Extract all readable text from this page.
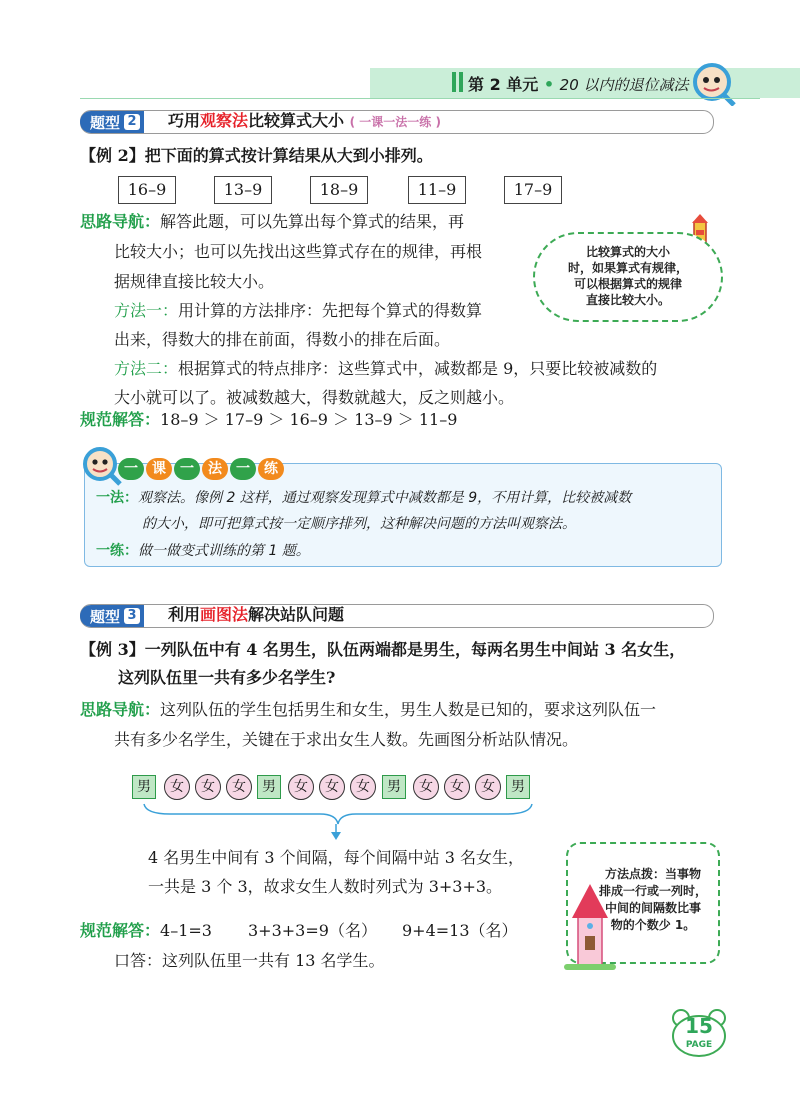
第 2 单元 • 20 以内的退位减法
题型 2 巧用观察法比较算式大小 ( 一课一法一练 )
【例 2】把下面的算式按计算结果从大到小排列。
16–9	13–9	18–9	11–9	17–9
思路导航：解答此题，可以先算出每个算式的结果，再
比较大小；也可以先找出这些算式存在的规律，再根
据规律直接比较大小。
方法一：用计算的方法排序：先把每个算式的得数算
出来，得数大的排在前面，得数小的排在后面。
方法二：根据算式的特点排序：这些算式中，减数都是 9，只要比较被减数的
大小就可以了。被减数越大，得数就越大，反之则越小。
规范解答：18–9 ＞ 17–9 ＞ 16–9 ＞ 13–9 ＞ 11–9
比较算式的大小
时，如果算式有规律，
可以根据算式的规律
直接比较大小。
一 课 一 法 一 练
一法：观察法。像例 2 这样，通过观察发现算式中减数都是 9，不用计算，比较被减数
的大小，即可把算式按一定顺序排列，这种解决问题的方法叫观察法。
一练：做一做变式训练的第 1 题。
题型 3 利用画图法解决站队问题
【例 3】一列队伍中有 4 名男生，队伍两端都是男生，每两名男生中间站 3 名女生，
这列队伍里一共有多少名学生?
思路导航：这列队伍的学生包括男生和女生，男生人数是已知的，要求这列队伍一
共有多少名学生，关键在于求出女生人数。先画图分析站队情况。
男	女	女	女	男	女	女	女	男	女	女	女	男
4 名男生中间有 3 个间隔，每个间隔中站 3 名女生，
一共是 3 个 3，故求女生人数时列式为 3+3+3。
规范解答：4–1=3 3+3+3=9（名） 9+4=13（名）
口答：这列队伍里一共有 13 名学生。
方法点拨：当事物
排成一行或一列时，
中间的间隔数比事
物的个数少 1。
15
PAGE
